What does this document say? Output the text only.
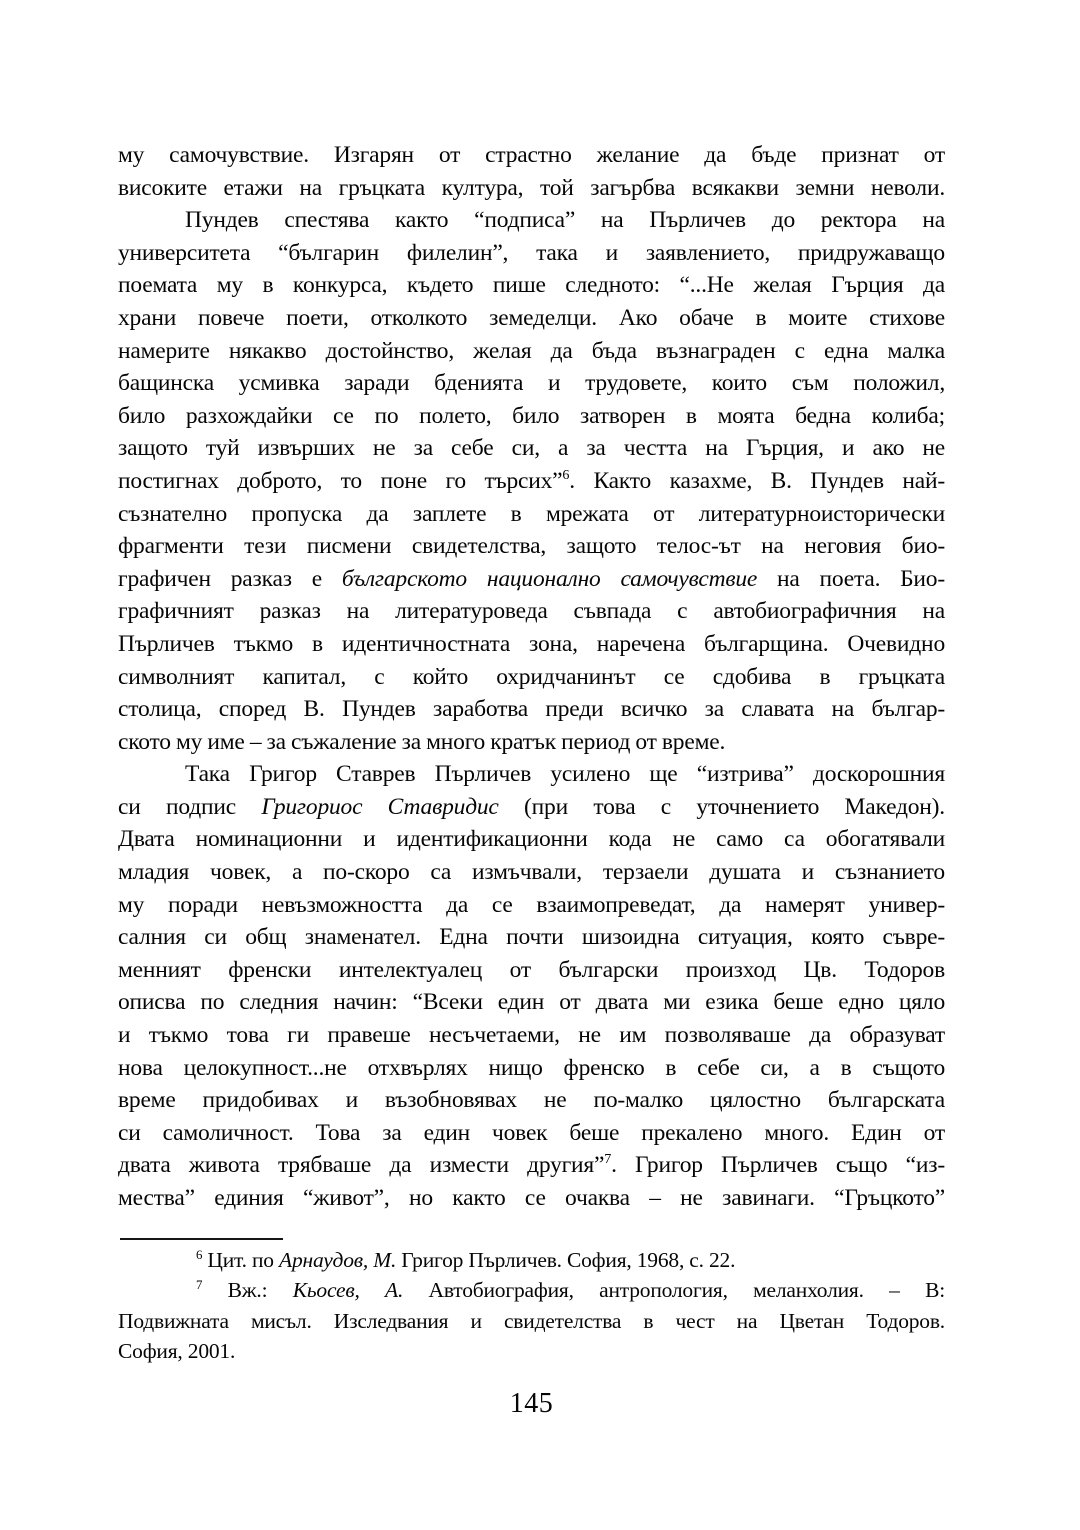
му самочувствие. Изгарян от страстно желание да бъде признат от
високите етажи на гръцката култура, той загърбва всякакви земни неволи.
Пундев спестява както “подписа” на Пърличев до ректора на
университета “българин филелин”, така и заявлението, придружаващо
поемата му в конкурса, където пише следното: “...Не желая Гърция да
храни повече поети, отколкото земеделци. Ако обаче в моите стихове
намерите някакво достойнство, желая да бъда възнаграден с една малка
бащинска усмивка заради бденията и трудовете, които съм положил,
било разхождайки се по полето, било затворен в моята бедна колиба;
защото туй извърших не за себе си, а за честта на Гърция, и ако не
постигнах доброто, то поне го търсих”$^6$. Както казахме, В. Пундев най-
съзнателно пропуска да заплете в мрежата от литературноисторически
фрагменти тези писмени свидетелства, защото телос-ът на неговия био-
графичен разказ е българското национално самочувствие на поета. Био-
графичният разказ на литературоведа съвпада с автобиографичния на
Пърличев тъкмо в идентичностната зона, наречена българщина. Очевидно
символният капитал, с който охридчанинът се сдобива в гръцката
столица, според В. Пундев заработва преди всичко за славата на българ-
ското му име – за съжаление за много кратък период от време.
Така Григор Ставрев Пърличев усилено ще “изтрива” доскорошния
си подпис Григориос Ставридис (при това с уточнението Македон).
Двата номинационни и идентификационни кода не само са обогатявали
младия човек, а по-скоро са измъчвали, терзаели душата и съзнанието
му поради невъзможността да се взаимопреведат, да намерят универ-
салния си общ знаменател. Една почти шизоидна ситуация, която съвре-
менният френски интелектуалец от български произход Цв. Тодоров
описва по следния начин: “Всеки един от двата ми езика беше едно цяло
и тъкмо това ги правеше несъчетаеми, не им позволяваше да образуват
нова целокупност...не отхвърлях нищо френско в себе си, а в същото
време придобивах и възобновявах не по-малко цялостно българската
си самоличност. Това за един човек беше прекалено много. Един от
двата живота трябваше да измести другия”$^7$. Григор Пърличев също “из-
мества” единия “живот”, но както се очаква – не завинаги. “Гръцкото”
$^6$ Цит. по Арнаудов, М. Григор Пърличев. София, 1968, с. 22.
$^7$ Вж.: Кьосев, А. Автобиография, антропология, меланхолия. – В:
Подвижната мисъл. Изследвания и свидетелства в чест на Цветан Тодоров.
София, 2001.
145
